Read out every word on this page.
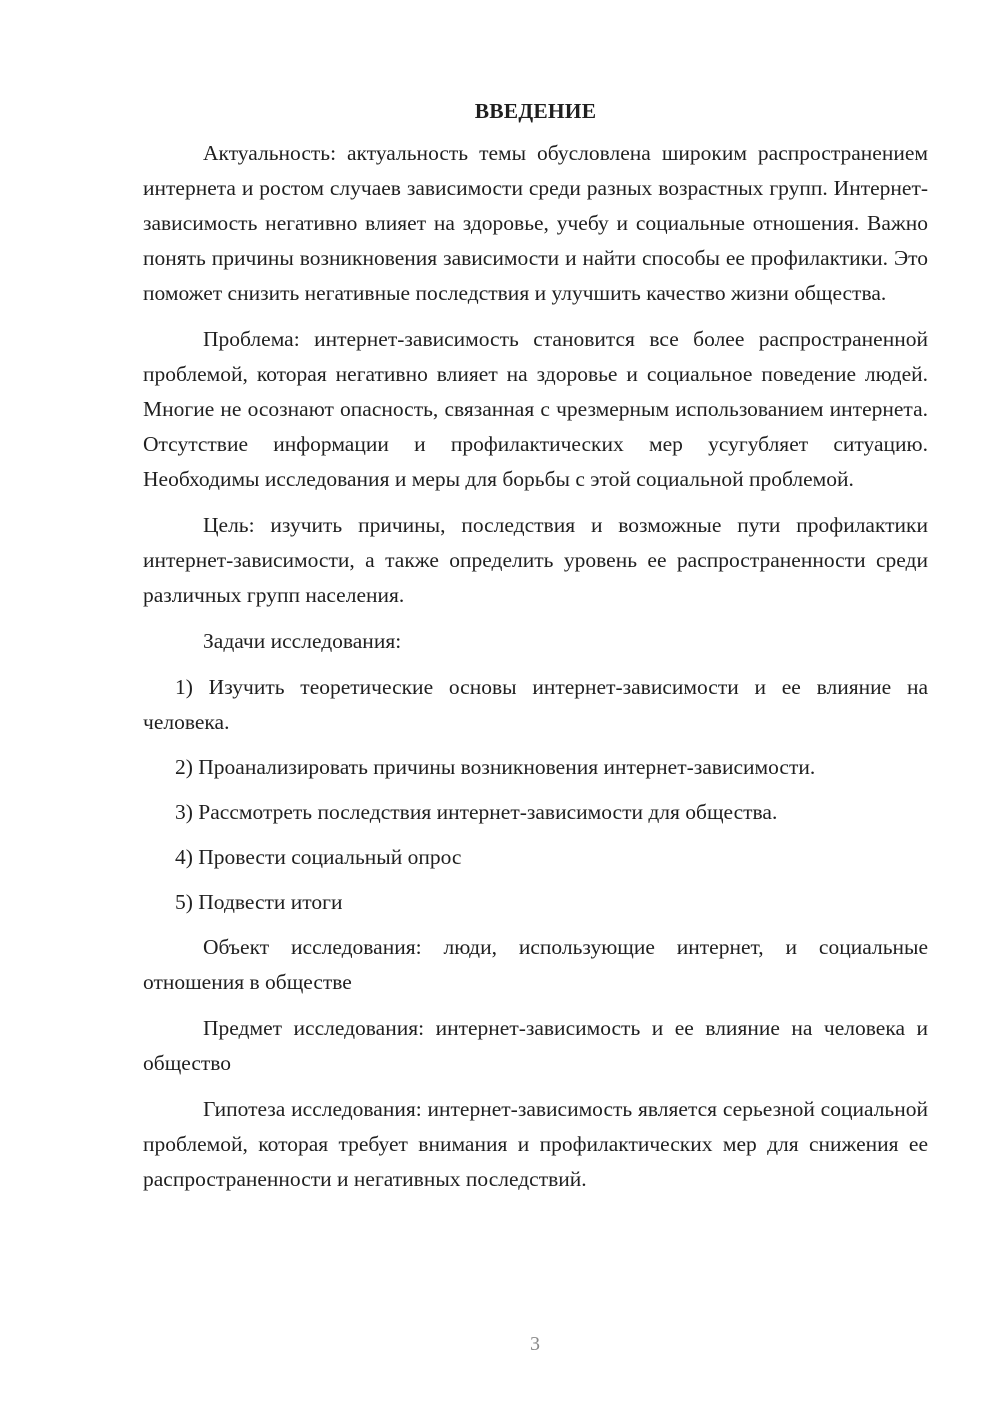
ВВЕДЕНИЕ

Актуальность: актуальность темы обусловлена широким распространением интернета и ростом случаев зависимости среди разных возрастных групп. Интернет-зависимость негативно влияет на здоровье, учебу и социальные отношения. Важно понять причины возникновения зависимости и найти способы ее профилактики. Это поможет снизить негативные последствия и улучшить качество жизни общества.

Проблема: интернет-зависимость становится все более распространенной проблемой, которая негативно влияет на здоровье и социальное поведение людей. Многие не осознают опасность, связанная с чрезмерным использованием интернета. Отсутствие информации и профилактических мер усугубляет ситуацию. Необходимы исследования и меры для борьбы с этой социальной проблемой.

Цель: изучить причины, последствия и возможные пути профилактики интернет-зависимости, а также определить уровень ее распространенности среди различных групп населения.

Задачи исследования:

1) Изучить теоретические основы интернет-зависимости и ее влияние на человека.

2) Проанализировать причины возникновения интернет-зависимости.

3) Рассмотреть последствия интернет-зависимости для общества.

4) Провести социальный опрос

5) Подвести итоги

Объект исследования: люди, использующие интернет, и социальные отношения в обществе

Предмет исследования: интернет-зависимость и ее влияние на человека и общество

Гипотеза исследования: интернет-зависимость является серьезной социальной проблемой, которая требует внимания и профилактических мер для снижения ее распространенности и негативных последствий.

3
